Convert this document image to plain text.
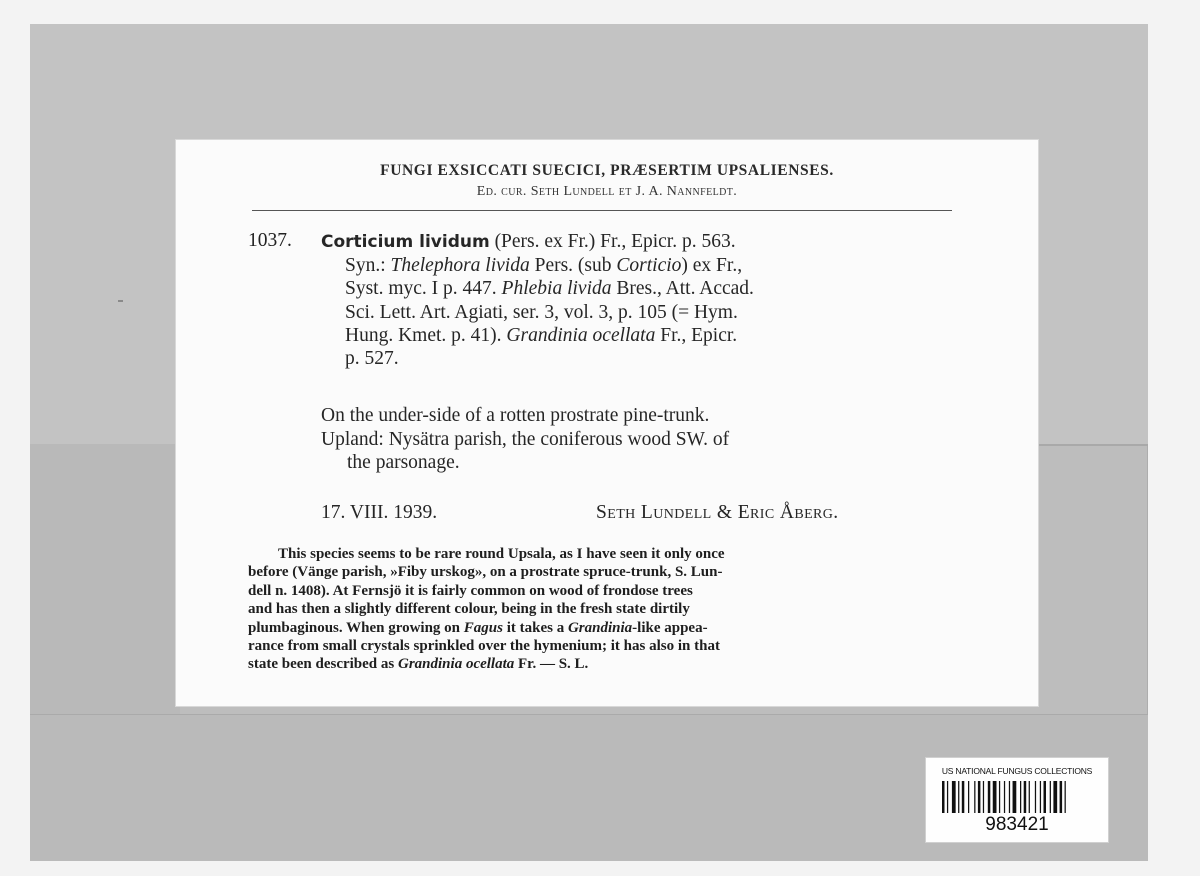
FUNGI EXSICCATI SUECICI, PRÆSERTIM UPSALIENSES.
Ed. cur. Seth Lundell et J. A. Nannfeldt.
1037. Corticium lividum (Pers. ex Fr.) Fr., Epicr. p. 563.
Syn.: Thelephora livida Pers. (sub Corticio) ex Fr.,
Syst. myc. I p. 447. Phlebia livida Bres., Att. Accad.
Sci. Lett. Art. Agiati, ser. 3, vol. 3, p. 105 (= Hym.
Hung. Kmet. p. 41). Grandinia ocellata Fr., Epicr.
p. 527.
On the under-side of a rotten prostrate pine-trunk.
Upland: Nysätra parish, the coniferous wood SW. of
the parsonage.
17. VIII. 1939.	Seth Lundell & Eric Åberg.
This species seems to be rare round Upsala, as I have seen it only once
before (Vänge parish, »Fiby urskog», on a prostrate spruce-trunk, S. Lun-
dell n. 1408). At Fernsjö it is fairly common on wood of frondose trees
and has then a slightly different colour, being in the fresh state dirtily
plumbaginous. When growing on Fagus it takes a Grandinia-like appea-
rance from small crystals sprinkled over the hymenium; it has also in that
state been described as Grandinia ocellata Fr. — S. L.
US NATIONAL FUNGUS COLLECTIONS
983421
